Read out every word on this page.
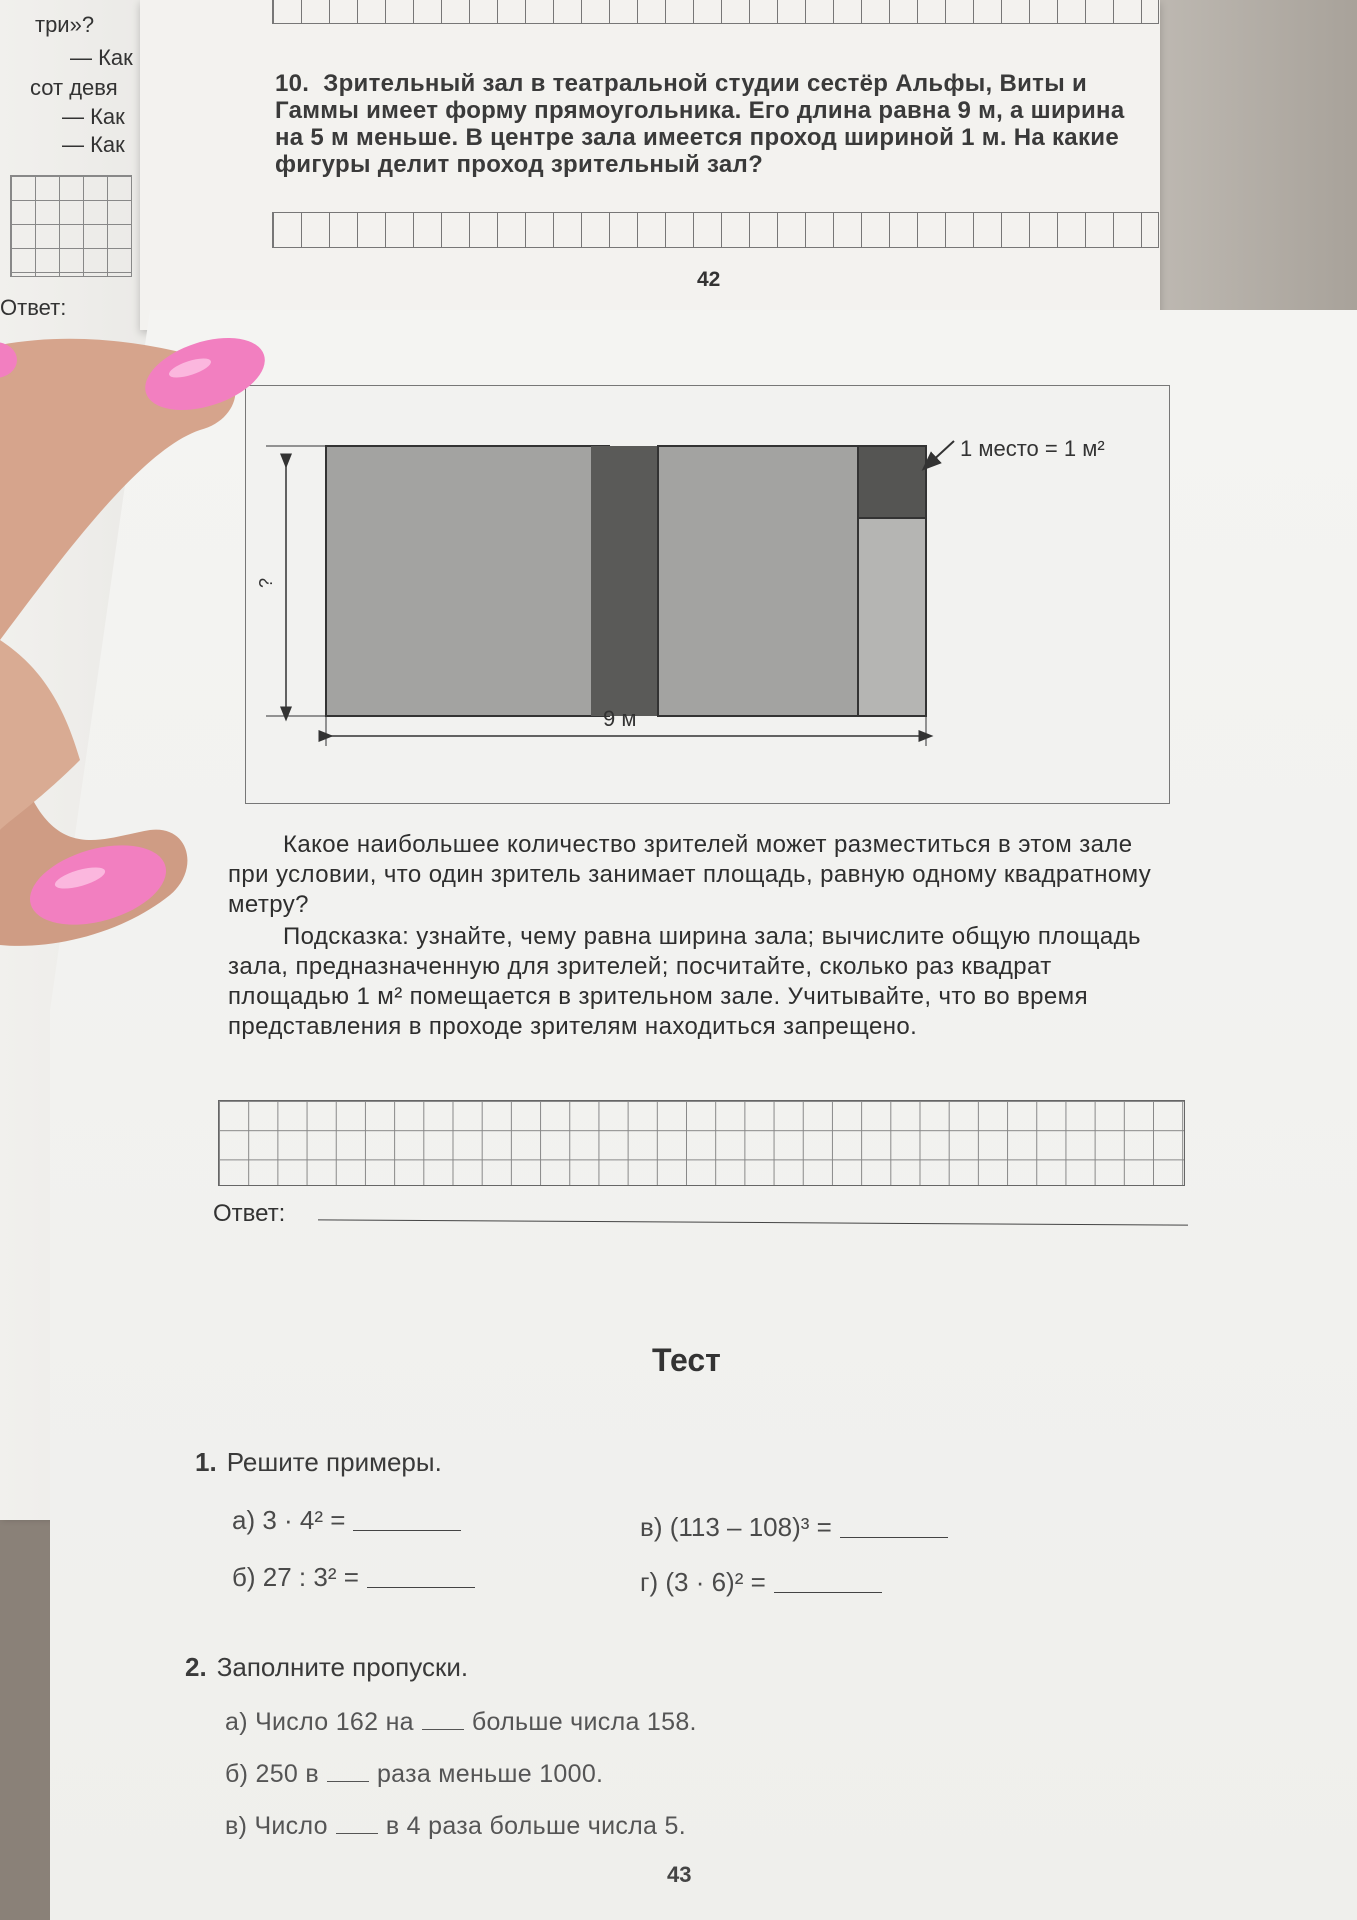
три»?
— Как
сот девя
— Как
— Как
Ответ:
10. Зрительный зал в театральной студии сестёр Альфы, Виты и Гаммы имеет форму прямоугольника. Его длина равна 9 м, а ширина на 5 м меньше. В центре зала имеется проход шириной 1 м. На какие фигуры делит проход зрительный зал?
42
?
9 м
1 место = 1 м²
Какое наибольшее количество зрителей может разместиться в этом зале при условии, что один зритель занимает площадь, равную одному квадратному метру?
Подсказка: узнайте, чему равна ширина зала; вычислите общую площадь зала, предназначенную для зрителей; посчитайте, сколько раз квадрат площадью 1 м² помещается в зрительном зале. Учитывайте, что во время представления в проходе зрителям находиться запрещено.
Ответ:
Тест
1. Решите примеры.
а) 3 · 4² =
б) 27 : 3² =
в) (113 – 108)³ =
г) (3 · 6)² =
2. Заполните пропуски.
а) Число 162 на больше числа 158.
б) 250 в раза меньше 1000.
в) Число в 4 раза больше числа 5.
43
